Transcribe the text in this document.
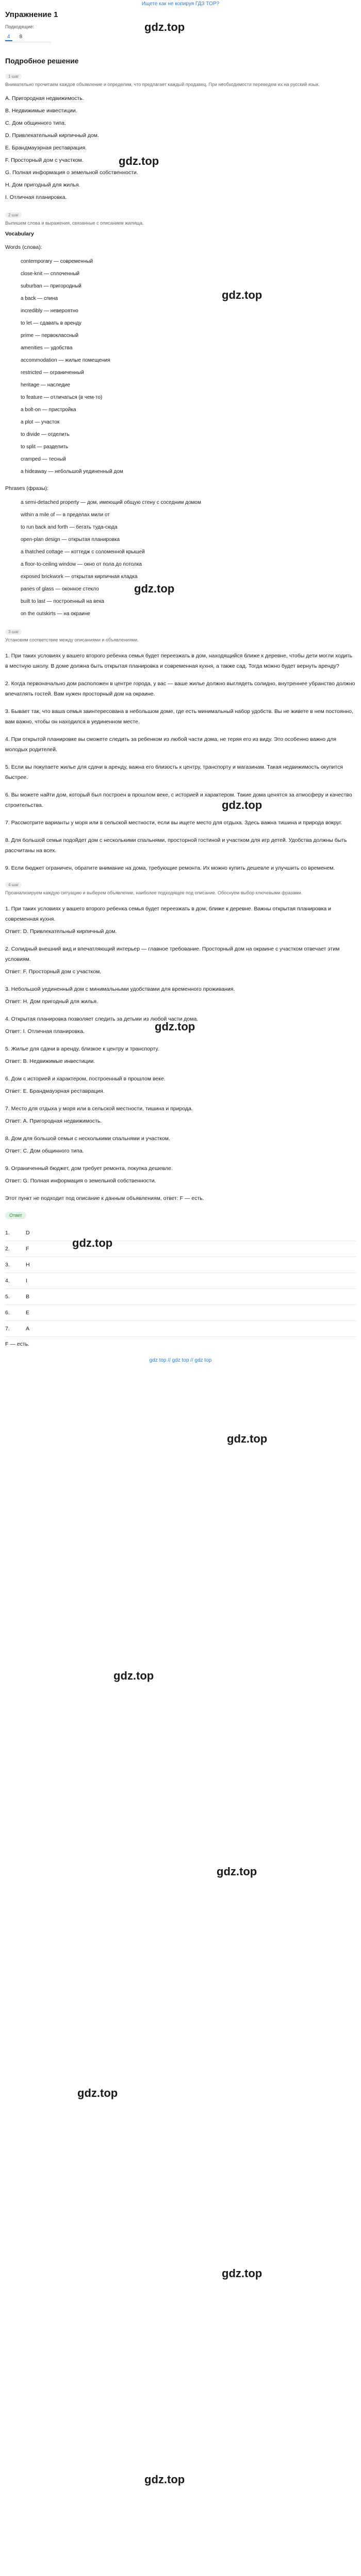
Ищете как не копируя ГДЗ TOP?
Упражнение 1
Подходящие:
4	8
Подробное решение
1 шаг
Внимательно прочитаем каждое объявление и определим, что предлагает каждый продавец. При необходимости переведем их на русский язык.
A. Пригородная недвижимость.
B. Недвижимые инвестиции.
C. Дом общинного типа.
D. Привлекательный кирпичный дом.
E. Брандмауэрная реставрация.
F. Просторный дом с участком.
G. Полная информация о земельной собственности.
H. Дом пригодный для жилья.
I. Отличная планировка.
2 шаг
Выпишем слова и выражения, связанные с описанием жилища.
Vocabulary
Words (слова):
contemporary — современный
close-knit — сплоченный
suburban — пригородный
a back — спина
incredibly — невероятно
to let — сдавать в аренду
prime — первоклассный
amenities — удобства
accommodation — жилые помещения
restricted — ограниченный
heritage — наследие
to feature — отличаться (в чем-то)
a bolt-on — пристройка
a plot — участок
to divide — отделить
to split — разделить
cramped — тесный
a hideaway — небольшой уединенный дом
Phrases (фразы):
a semi-detached property — дом, имеющий общую стену с соседним домом
within a mile of — в пределах мили от
to run back and forth — бегать туда-сюда
open-plan design — открытая планировка
a thatched cottage — коттедж с соломенной крышей
a floor-to-ceiling window — окно от пола до потолка
exposed brickwork — открытая кирпичная кладка
panes of glass — оконное стекло
built to last — построенный на века
on the outskirts — на окраине
3 шаг
Установим соответствие между описаниями и объявлениями.
1. При таких условиях у вашего второго ребенка семья будет переезжать в дом, находящийся ближе к деревне, чтобы дети могли ходить в местную школу. В доме должна быть открытая планировка и современная кухня, а также сад. Тогда можно будет вернуть аренду?
2. Когда первоначально дом расположен в центре города, у вас — ваше жилье должно выглядеть солидно, внутреннее убранство должно впечатлять гостей. Вам нужен просторный дом на окраине.
3. Бывает так, что ваша семья заинтересована в небольшом доме, где есть минимальный набор удобств. Вы не живете в нем постоянно, вам важно, чтобы он находился в уединенном месте.
4. При открытой планировке вы сможете следить за ребенком из любой части дома, не теряя его из виду. Это особенно важно для молодых родителей.
5. Если вы покупаете жилье для сдачи в аренду, важна его близость к центру, транспорту и магазинам. Такая недвижимость окупится быстрее.
6. Вы можете найти дом, который был построен в прошлом веке, с историей и характером. Такие дома ценятся за атмосферу и качество строительства.
7. Рассмотрите варианты у моря или в сельской местности, если вы ищете место для отдыха. Здесь важна тишина и природа вокруг.
8. Для большой семьи подойдет дом с несколькими спальнями, просторной гостиной и участком для игр детей. Удобства должны быть рассчитаны на всех.
9. Если бюджет ограничен, обратите внимание на дома, требующие ремонта. Их можно купить дешевле и улучшить со временем.
4 шаг
Проанализируем каждую ситуацию и выберем объявление, наиболее подходящее под описание. Обоснуем выбор ключевыми фразами.
1. При таких условиях у вашего второго ребенка семья будет переезжать в дом, ближе к деревне. Важны открытая планировка и современная кухня.
Ответ: D. Привлекательный кирпичный дом.
2. Солидный внешний вид и впечатляющий интерьер — главное требование. Просторный дом на окраине с участком отвечает этим условиям.
Ответ: F. Просторный дом с участком.
3. Небольшой уединенный дом с минимальными удобствами для временного проживания.
Ответ: H. Дом пригодный для жилья.
4. Открытая планировка позволяет следить за детьми из любой части дома.
Ответ: I. Отличная планировка.
5. Жилье для сдачи в аренду, близкое к центру и транспорту.
Ответ: B. Недвижимые инвестиции.
6. Дом с историей и характером, построенный в прошлом веке.
Ответ: E. Брандмауэрная реставрация.
7. Место для отдыха у моря или в сельской местности, тишина и природа.
Ответ: A. Пригородная недвижимость.
8. Дом для большой семьи с несколькими спальнями и участком.
Ответ: C. Дом общинного типа.
9. Ограниченный бюджет, дом требует ремонта, покупка дешевле.
Ответ: G. Полная информация о земельной собственности.
Этот пункт не подходит под описание к данным объявлениям, ответ: F — есть.
Ответ
1.	D
2.	F
3.	H
4.	I
5.	B
6.	E
7.	A
F — есть.
gdz top // gdz top // gdz top
gdz.top
gdz.top
gdz.top
gdz.top
gdz.top
gdz.top
gdz.top
gdz.top
gdz.top
gdz.top
gdz.top
gdz.top
gdz.top
